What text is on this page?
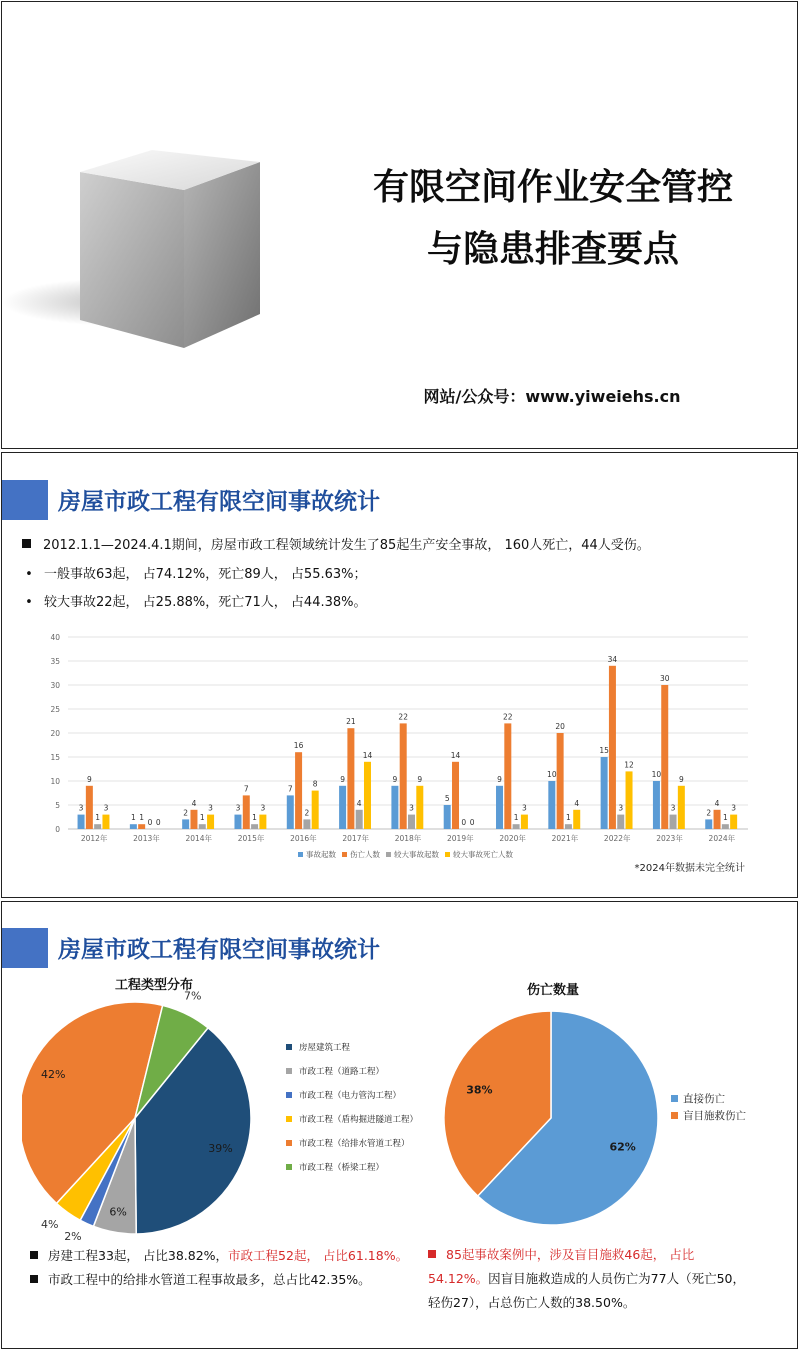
有限空间作业安全管控
与隐患排查要点
网站/公众号：www.yiweiehs.cn
房屋市政工程有限空间事故统计
2012.1.1—2024.4.1期间，房屋市政工程领域统计发生了85起生产安全事故， 160人死亡，44人受伤。
• 一般事故63起， 占74.12%，死亡89人， 占55.63%；
• 较大事故22起， 占25.88%，死亡71人， 占44.38%。
0
5
10
15
20
25
30
35
40
3
9
1
3
2012年
1 1
0 0
2013年
2
4
1
3
2014年
3
7
1
3
2015年
7
16
2
8
2016年
9
21
4
14
2017年
9
22
3
9
2018年
5
14
0 0
2019年
9
22
1
3
2020年
10
20
1
4
2021年
15
34
3
12
2022年
10
30
3
9
2023年
2
4
1
3
2024年
事故起数 伤亡人数 较大事故起数 较大事故死亡人数
*2024年数据未完全统计
房屋市政工程有限空间事故统计
工程类型分布
39%
6%
2%
4%
42%
7%
房屋建筑工程
市政工程（道路工程）
市政工程（电力管沟工程）
市政工程（盾构掘进隧道工程）
市政工程（给排水管道工程）
市政工程（桥梁工程）
伤亡数量
62%
38%
直接伤亡
盲目施救伤亡
房建工程33起， 占比38.82%，市政工程52起， 占比61.18%。
市政工程中的给排水管道工程事故最多，总占比42.35%。
85起事故案例中，涉及盲目施救46起， 占比54.12%。因盲目施救造成的人员伤亡为77人（死亡50，轻伤27），占总伤亡人数的38.50%。
